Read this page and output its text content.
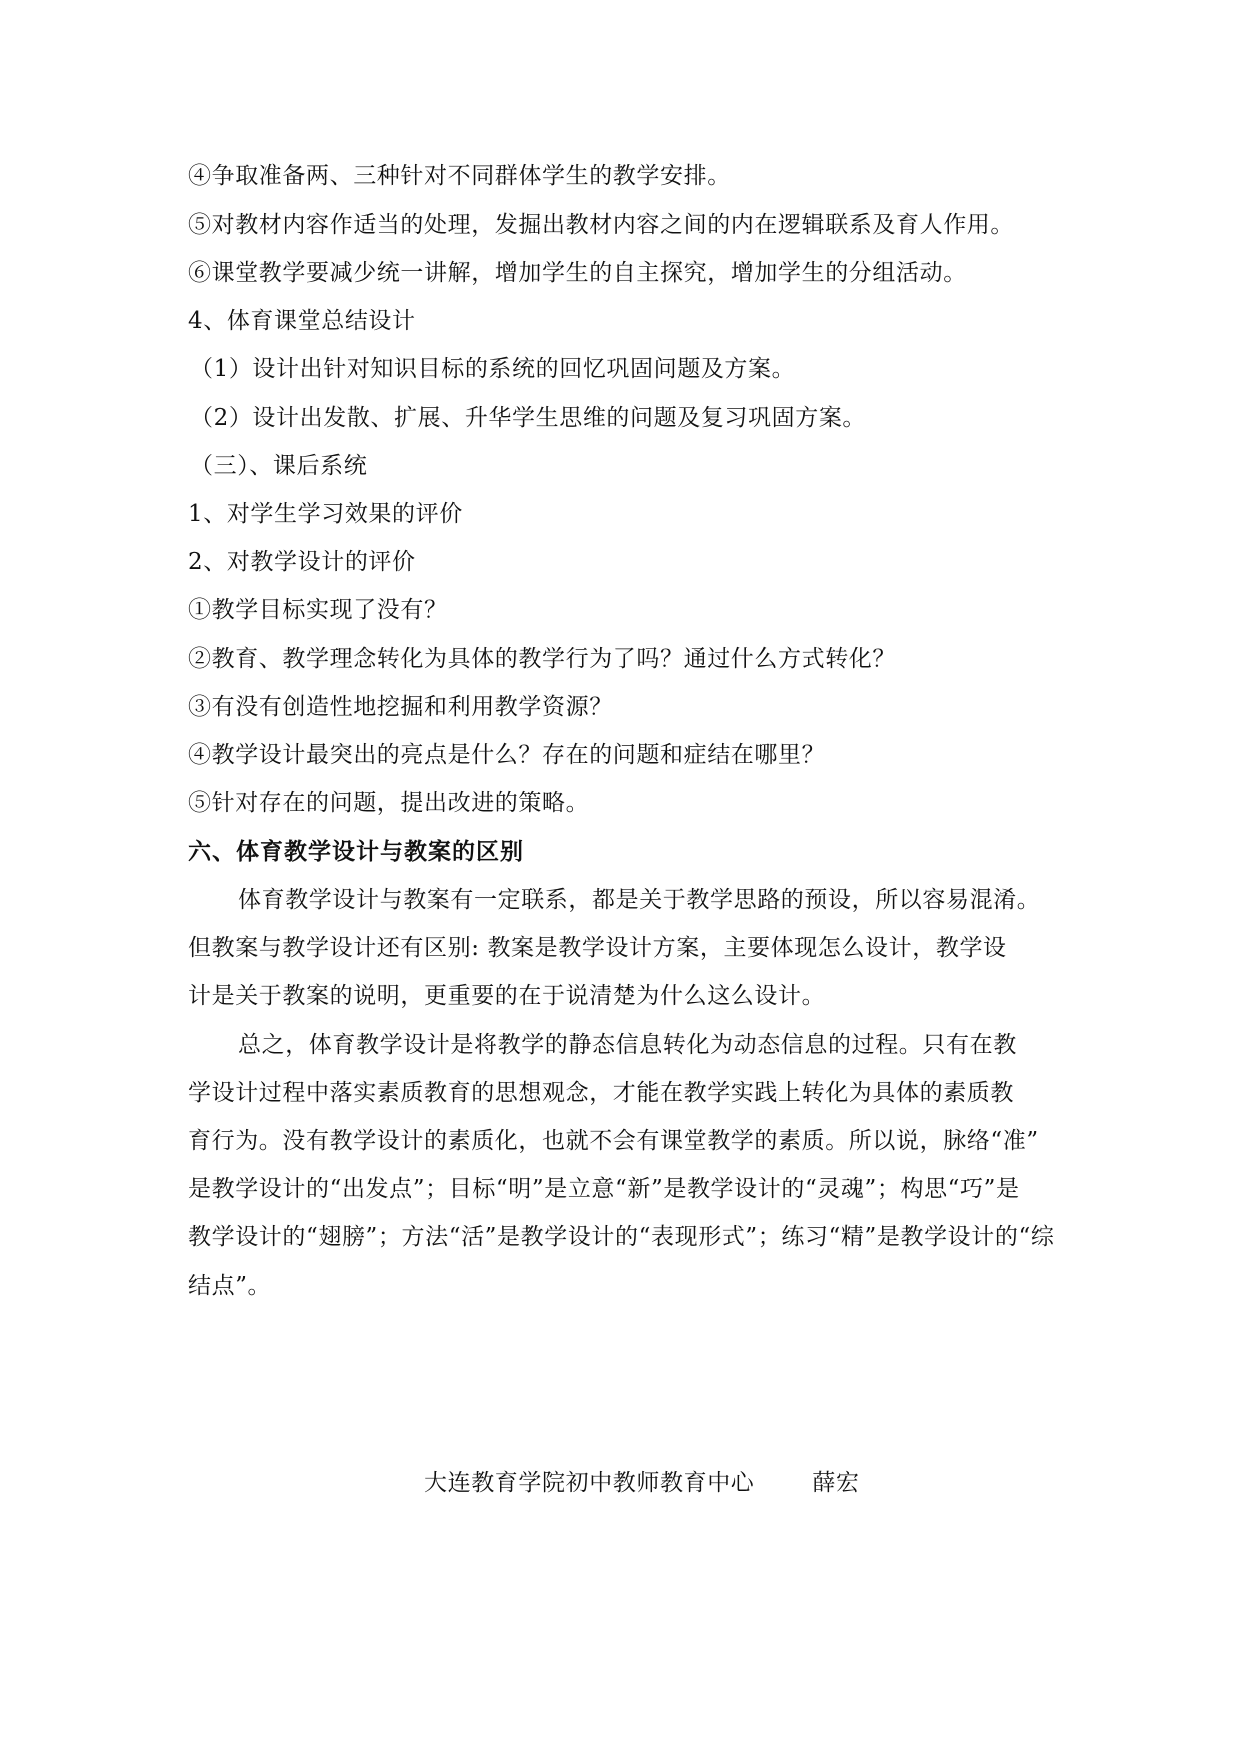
④争取准备两、三种针对不同群体学生的教学安排。
⑤对教材内容作适当的处理，发掘出教材内容之间的内在逻辑联系及育人作用。
⑥课堂教学要减少统一讲解，增加学生的自主探究，增加学生的分组活动。
4、体育课堂总结设计
（1）设计出针对知识目标的系统的回忆巩固问题及方案。
（2）设计出发散、扩展、升华学生思维的问题及复习巩固方案。
（三）、课后系统
1、对学生学习效果的评价
2、对教学设计的评价
①教学目标实现了没有？
②教育、教学理念转化为具体的教学行为了吗？通过什么方式转化？
③有没有创造性地挖掘和利用教学资源？
④教学设计最突出的亮点是什么？存在的问题和症结在哪里？
⑤针对存在的问题，提出改进的策略。
六、体育教学设计与教案的区别
体育教学设计与教案有一定联系，都是关于教学思路的预设，所以容易混淆。
但教案与教学设计还有区别: 教案是教学设计方案，主要体现怎么设计，教学设
计是关于教案的说明，更重要的在于说清楚为什么这么设计。
总之，体育教学设计是将教学的静态信息转化为动态信息的过程。只有在教
学设计过程中落实素质教育的思想观念，才能在教学实践上转化为具体的素质教
育行为。没有教学设计的素质化，也就不会有课堂教学的素质。所以说，脉络“准”
是教学设计的“出发点”；目标“明”是立意“新”是教学设计的“灵魂”；构思“巧”是
教学设计的“翅膀”；方法“活”是教学设计的“表现形式”；练习“精”是教学设计的“综
结点”。
大连教育学院初中教师教育中心	薛宏
